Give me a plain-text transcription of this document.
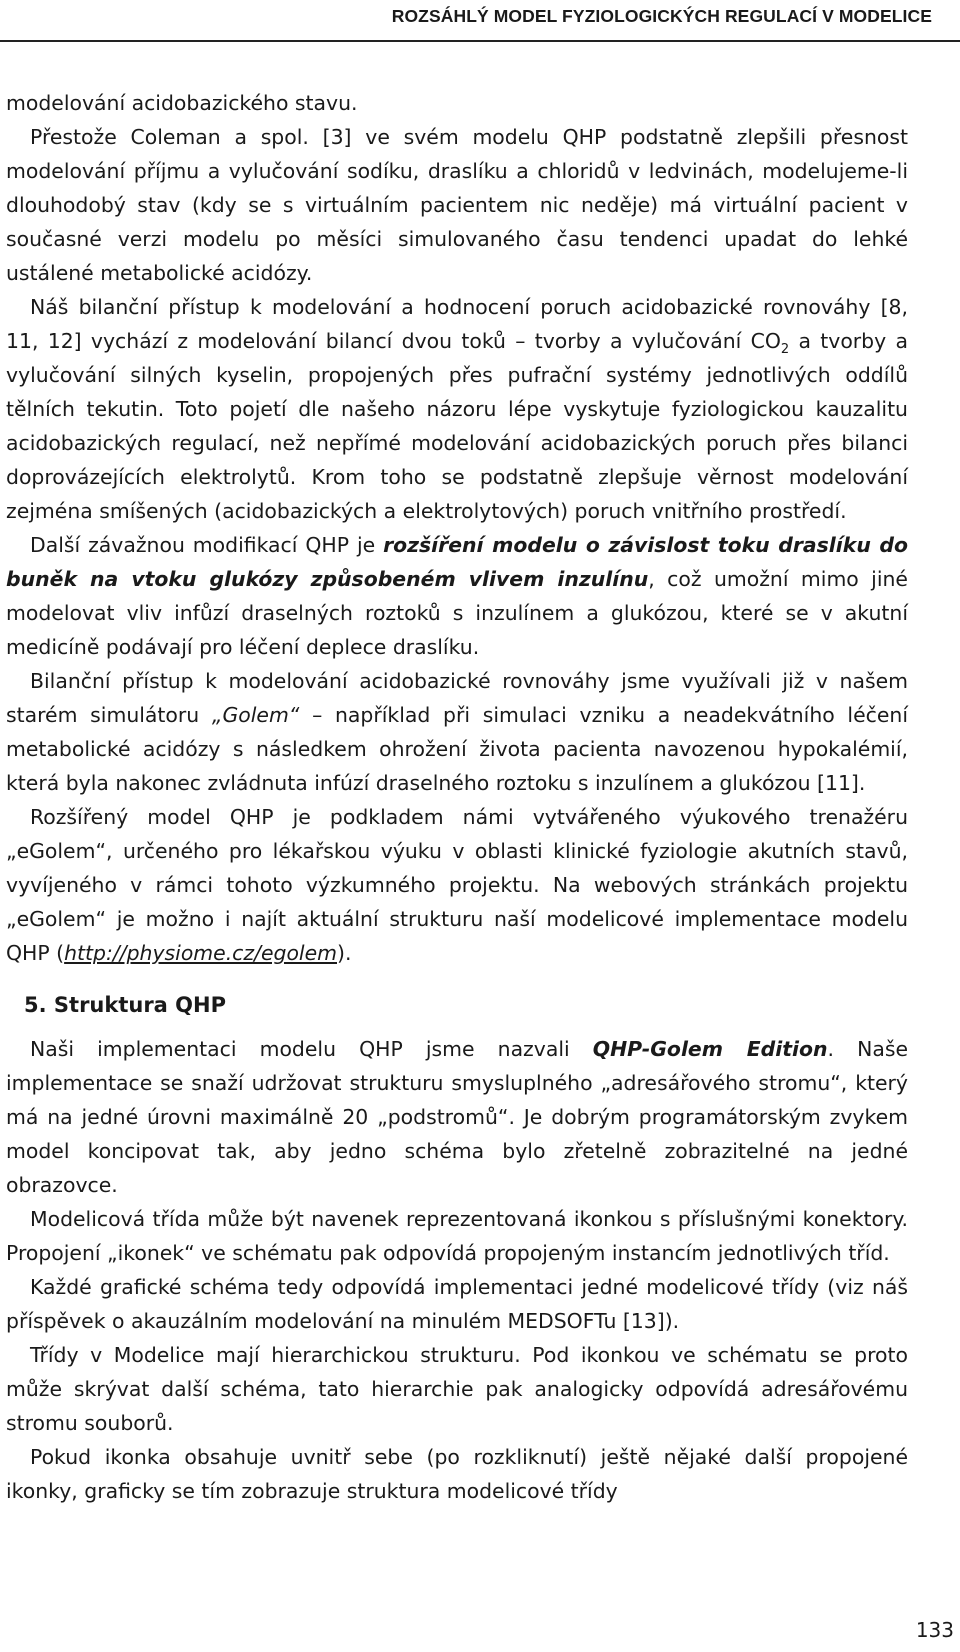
ROZSÁHLÝ MODEL FYZIOLOGICKÝCH REGULACÍ V MODELICE

modelování acidobazického stavu.

Přestože Coleman a spol. [3] ve svém modelu QHP podstatně zlepšili přesnost modelování příjmu a vylučování sodíku, draslíku a chloridů v ledvinách, modelujeme-li dlouhodobý stav (kdy se s virtuálním pacientem nic neděje) má virtuální pacient v současné verzi modelu po měsíci simulovaného času tendenci upadat do lehké ustálené metabolické acidózy.

Náš bilanční přístup k modelování a hodnocení poruch acidobazické rovnováhy [8, 11, 12] vychází z modelování bilancí dvou toků – tvorby a vylučování $CO_2$ a tvorby a vylučování silných kyselin, propojených přes pufrační systémy jednotlivých oddílů tělních tekutin. Toto pojetí dle našeho názoru lépe vyskytuje fyziologickou kauzalitu acidobazických regulací, než nepřímé modelování acidobazických poruch přes bilanci doprovázejících elektrolytů. Krom toho se podstatně zlepšuje věrnost modelování zejména smíšených (acidobazických a elektrolytových) poruch vnitřního prostředí.

Další závažnou modifikací QHP je rozšíření modelu o závislost toku draslíku do buněk na vtoku glukózy způsobeném vlivem inzulínu, což umožní mimo jiné modelovat vliv infůzí draselných roztoků s inzulínem a glukózou, které se v akutní medicíně podávají pro léčení deplece draslíku.

Bilanční přístup k modelování acidobazické rovnováhy jsme využívali již v našem starém simulátoru „Golem“ – například při simulaci vzniku a neadekvátního léčení metabolické acidózy s následkem ohrožení života pacienta navozenou hypokalémií, která byla nakonec zvládnuta infúzí draselného roztoku s inzulínem a glukózou [11].

Rozšířený model QHP je podkladem námi vytvářeného výukového trenažéru „eGolem“, určeného pro lékařskou výuku v oblasti klinické fyziologie akutních stavů, vyvíjeného v rámci tohoto výzkumného projektu. Na webových stránkách projektu „eGolem“ je možno i najít aktuální strukturu naší modelicové implementace modelu QHP (http://physiome.cz/egolem).

5. Struktura QHP

Naši implementaci modelu QHP jsme nazvali QHP-Golem Edition. Naše implementace se snaží udržovat strukturu smysluplného „adresářového stromu“, který má na jedné úrovni maximálně 20 „podstromů“. Je dobrým programátorským zvykem model koncipovat tak, aby jedno schéma bylo zřetelně zobrazitelné na jedné obrazovce.

Modelicová třída může být navenek reprezentovaná ikonkou s příslušnými konektory. Propojení „ikonek“ ve schématu pak odpovídá propojeným instancím jednotlivých tříd.

Každé grafické schéma tedy odpovídá implementaci jedné modelicové třídy (viz náš příspěvek o akauzálním modelování na minulém MEDSOFTu [13]).

Třídy v Modelice mají hierarchickou strukturu. Pod ikonkou ve schématu se proto může skrývat další schéma, tato hierarchie pak analogicky odpovídá adresářovému stromu souborů.

Pokud ikonka obsahuje uvnitř sebe (po rozkliknutí) ještě nějaké další propojené ikonky, graficky se tím zobrazuje struktura modelicové třídy

133
